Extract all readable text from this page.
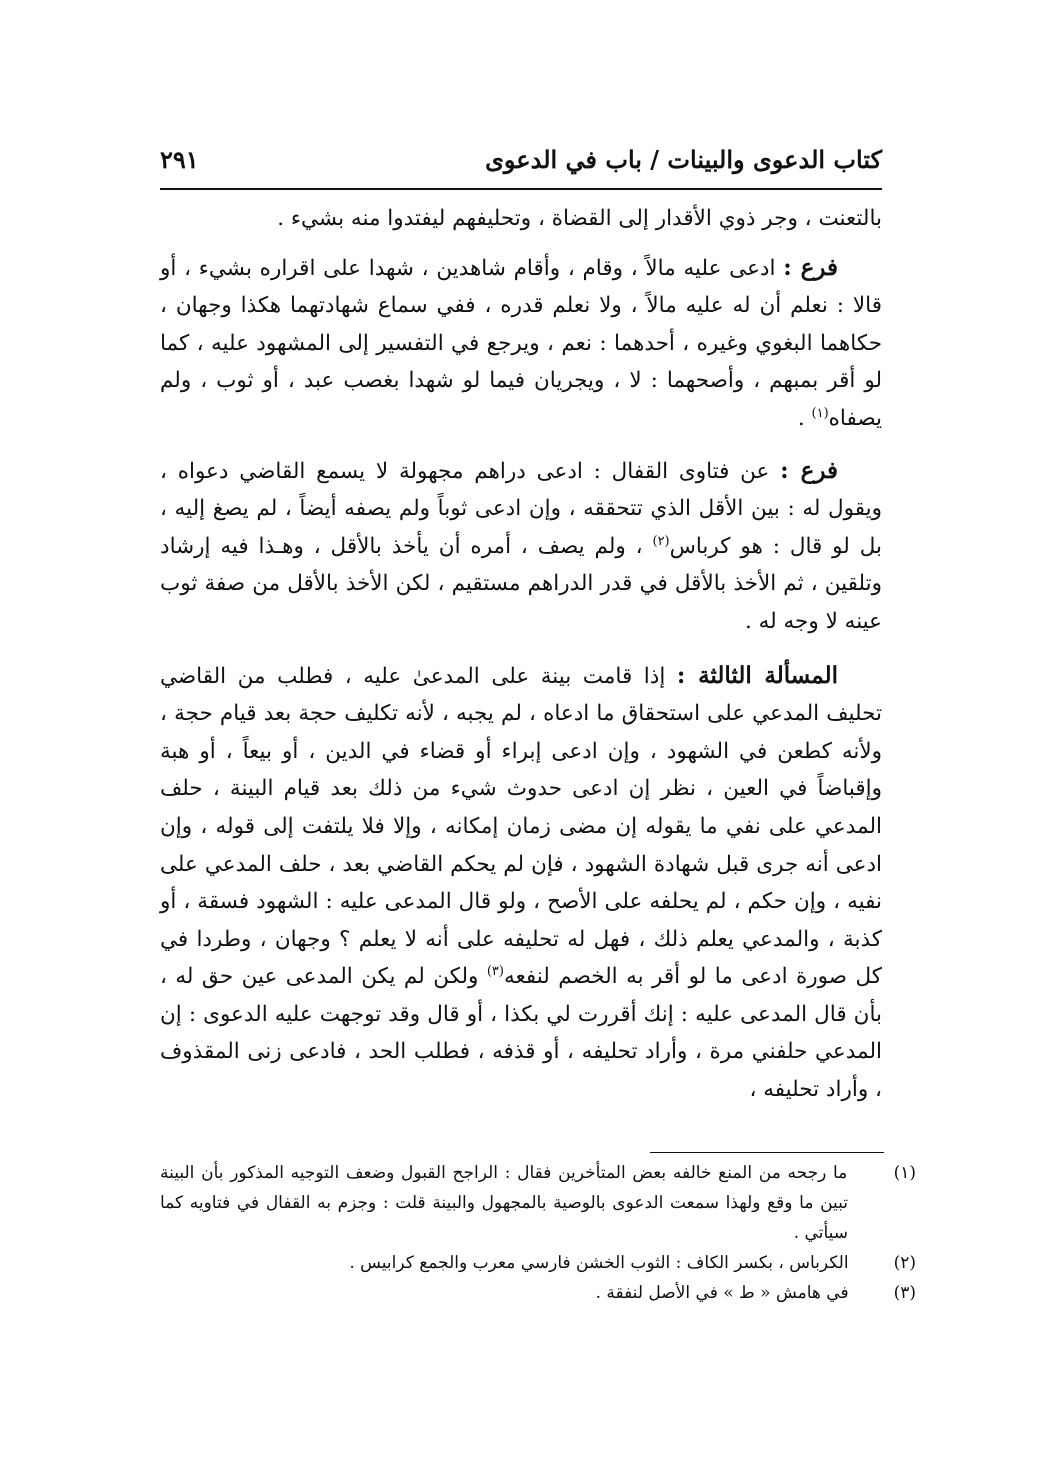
كتاب الدعوى والبينات / باب في الدعوى
٢٩١

بالتعنت ، وجر ذوي الأقدار إلى القضاة ، وتحليفهم ليفتدوا منه بشيء .

فرع : ادعى عليه مالاً ، وقام ، وأقام شاهدين ، شهدا على اقراره بشيء ، أو قالا : نعلم أن له عليه مالاً ، ولا نعلم قدره ، ففي سماع شهادتهما هكذا وجهان ، حكاهما البغوي وغيره ، أحدهما : نعم ، ويرجع في التفسير إلى المشهود عليه ، كما لو أقر بمبهم ، وأصحهما : لا ، ويجريان فيما لو شهدا بغصب عبد ، أو ثوب ، ولم يصفاه$^{(١)}$ .

فرع : عن فتاوى القفال : ادعى دراهم مجهولة لا يسمع القاضي دعواه ، ويقول له : بين الأقل الذي تتحققه ، وإن ادعى ثوباً ولم يصفه أيضاً ، لم يصغ إليه ، بل لو قال : هو كرباس$^{(٢)}$ ، ولم يصف ، أمره أن يأخذ بالأقل ، وهـذا فيه إرشاد وتلقين ، ثم الأخذ بالأقل في قدر الدراهم مستقيم ، لكن الأخذ بالأقل من صفة ثوب عينه لا وجه له .

المسألة الثالثة : إذا قامت بينة على المدعىٰ عليه ، فطلب من القاضي تحليف المدعي على استحقاق ما ادعاه ، لم يجبه ، لأنه تكليف حجة بعد قيام حجة ، ولأنه كطعن في الشهود ، وإن ادعى إبراء أو قضاء في الدين ، أو بيعاً ، أو هبة وإقباضاً في العين ، نظر إن ادعى حدوث شيء من ذلك بعد قيام البينة ، حلف المدعي على نفي ما يقوله إن مضى زمان إمكانه ، وإلا فلا يلتفت إلى قوله ، وإن ادعى أنه جرى قبل شهادة الشهود ، فإن لم يحكم القاضي بعد ، حلف المدعي على نفيه ، وإن حكم ، لم يحلفه على الأصح ، ولو قال المدعى عليه : الشهود فسقة ، أو كذبة ، والمدعي يعلم ذلك ، فهل له تحليفه على أنه لا يعلم ؟ وجهان ، وطردا في كل صورة ادعى ما لو أقر به الخصم لنفعه$^{(٣)}$ ولكن لم يكن المدعى عين حق له ، بأن قال المدعى عليه : إنك أقررت لي بكذا ، أو قال وقد توجهت عليه الدعوى : إن المدعي حلفني مرة ، وأراد تحليفه ، أو قذفه ، فطلب الحد ، فادعى زنى المقذوف ، وأراد تحليفه ،

(١) ما رجحه من المنع خالفه بعض المتأخرين فقال : الراجح القبول وضعف التوجيه المذكور بأن البينة تبين ما وقع ولهذا سمعت الدعوى بالوصية بالمجهول والبينة قلت : وجزم به القفال في فتاويه كما سيأتي .

(٢) الكرباس ، بكسر الكاف : الثوب الخشن فارسي معرب والجمع كرابيس .

(٣) في هامش « ط » في الأصل لنفقة .
